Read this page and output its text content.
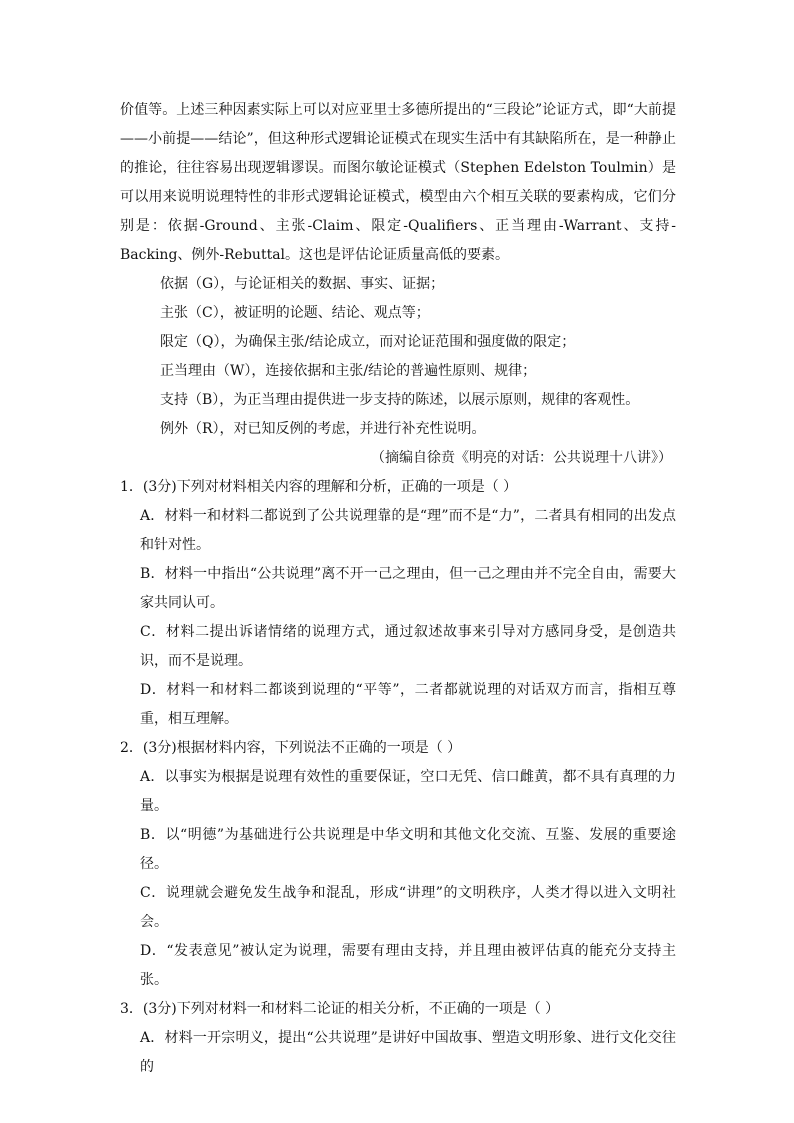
价值等。上述三种因素实际上可以对应亚里士多德所提出的“三段论”论证方式，即“大前提——小前提——结论”，但这种形式逻辑论证模式在现实生活中有其缺陷所在，是一种静止的推论，往往容易出现逻辑谬误。而图尔敏论证模式（Stephen Edelston Toulmin）是可以用来说明说理特性的非形式逻辑论证模式，模型由六个相互关联的要素构成，它们分别是：依据-Ground、主张-Claim、限定-Qualifiers、正当理由-Warrant、支持-Backing、例外-Rebuttal。这也是评估论证质量高低的要素。

依据（G），与论证相关的数据、事实、证据；

主张（C），被证明的论题、结论、观点等；

限定（Q），为确保主张/结论成立，而对论证范围和强度做的限定；

正当理由（W），连接依据和主张/结论的普遍性原则、规律；

支持（B），为正当理由提供进一步支持的陈述，以展示原则，规律的客观性。

例外（R），对已知反例的考虑，并进行补充性说明。

（摘编自徐贲《明亮的对话：公共说理十八讲》）

1．(3分)下列对材料相关内容的理解和分析，正确的一项是（ ）

A．材料一和材料二都说到了公共说理靠的是“理”而不是“力”，二者具有相同的出发点和针对性。

B．材料一中指出“公共说理”离不开一己之理由，但一己之理由并不完全自由，需要大家共同认可。

C．材料二提出诉诸情绪的说理方式，通过叙述故事来引导对方感同身受，是创造共识，而不是说理。

D．材料一和材料二都谈到说理的“平等”，二者都就说理的对话双方而言，指相互尊重，相互理解。

2．(3分)根据材料内容，下列说法不正确的一项是（ ）

A．以事实为根据是说理有效性的重要保证，空口无凭、信口雌黄，都不具有真理的力量。

B．以“明德”为基础进行公共说理是中华文明和其他文化交流、互鉴、发展的重要途径。

C．说理就会避免发生战争和混乱，形成“讲理”的文明秩序，人类才得以进入文明社会。

D．“发表意见”被认定为说理，需要有理由支持，并且理由被评估真的能充分支持主张。

3．(3分)下列对材料一和材料二论证的相关分析，不正确的一项是（ ）

A．材料一开宗明义，提出“公共说理”是讲好中国故事、塑造文明形象、进行文化交往的
